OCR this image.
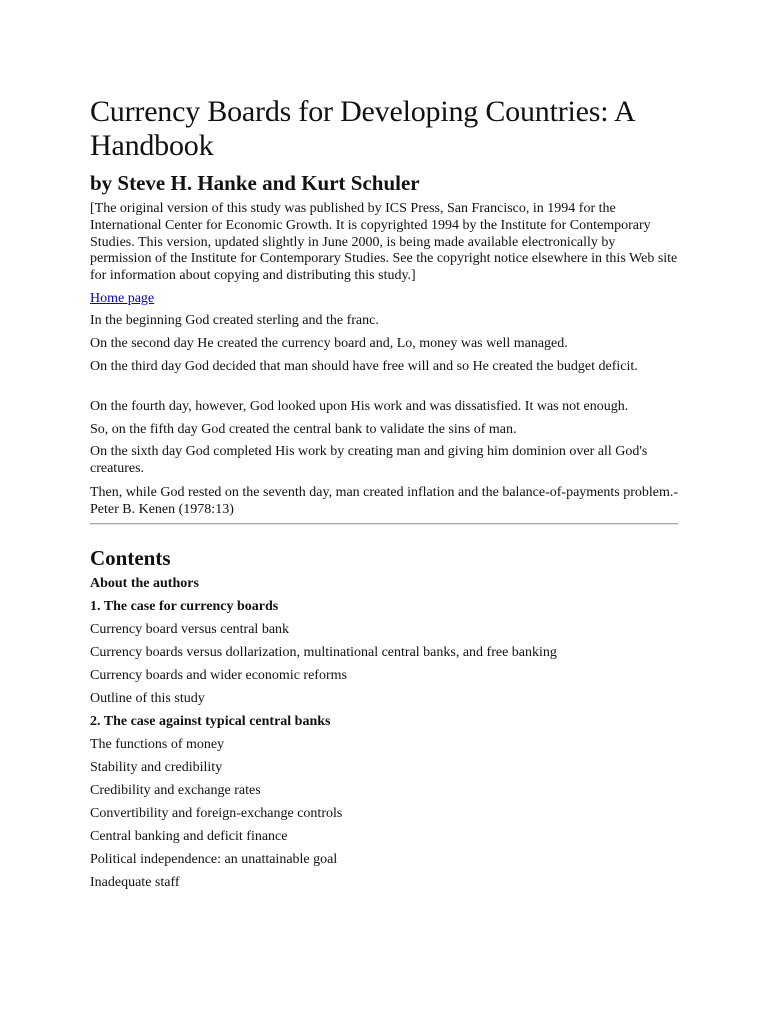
Currency Boards for Developing Countries: A Handbook
by Steve H. Hanke and Kurt Schuler

[The original version of this study was published by ICS Press, San Francisco, in 1994 for the International Center for Economic Growth. It is copyrighted 1994 by the Institute for Contemporary Studies. This version, updated slightly in June 2000, is being made available electronically by permission of the Institute for Contemporary Studies. See the copyright notice elsewhere in this Web site for information about copying and distributing this study.]

Home page

In the beginning God created sterling and the franc.

On the second day He created the currency board and, Lo, money was well managed.

On the third day God decided that man should have free will and so He created the budget deficit.

On the fourth day, however, God looked upon His work and was dissatisfied. It was not enough.

So, on the fifth day God created the central bank to validate the sins of man.

On the sixth day God completed His work by creating man and giving him dominion over all God's creatures.

Then, while God rested on the seventh day, man created inflation and the balance-of-payments problem.-Peter B. Kenen (1978:13)

Contents
About the authors
1. The case for currency boards
Currency board versus central bank
Currency boards versus dollarization, multinational central banks, and free banking
Currency boards and wider economic reforms
Outline of this study
2. The case against typical central banks
The functions of money
Stability and credibility
Credibility and exchange rates
Convertibility and foreign-exchange controls
Central banking and deficit finance
Political independence: an unattainable goal
Inadequate staff
